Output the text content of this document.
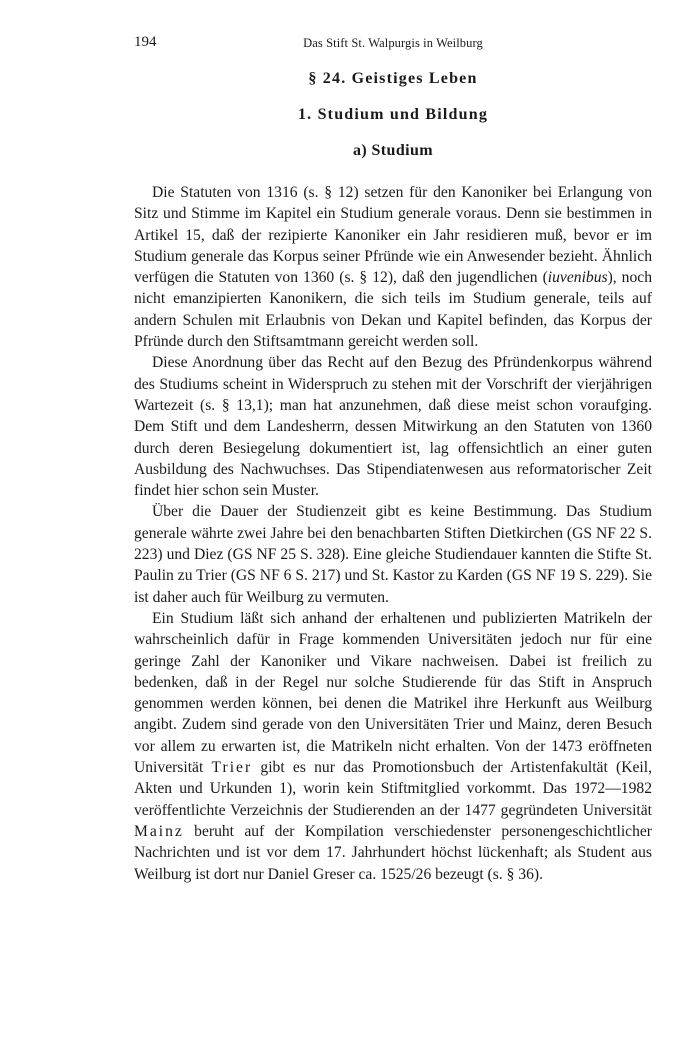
194	Das Stift St. Walpurgis in Weilburg
§ 24. Geistiges Leben
1. Studium und Bildung
a) Studium

Die Statuten von 1316 (s. § 12) setzen für den Kanoniker bei Erlangung von Sitz und Stimme im Kapitel ein Studium generale voraus. Denn sie bestimmen in Artikel 15, daß der rezipierte Kanoniker ein Jahr residieren muß, bevor er im Studium generale das Korpus seiner Pfründe wie ein Anwesender bezieht. Ähnlich verfügen die Statuten von 1360 (s. § 12), daß den jugendlichen (iuvenibus), noch nicht emanzipierten Kanonikern, die sich teils im Studium generale, teils auf andern Schulen mit Erlaubnis von Dekan und Kapitel befinden, das Korpus der Pfründe durch den Stiftsamtmann gereicht werden soll.

Diese Anordnung über das Recht auf den Bezug des Pfründenkorpus während des Studiums scheint in Widerspruch zu stehen mit der Vorschrift der vierjährigen Wartezeit (s. § 13,1); man hat anzunehmen, daß diese meist schon voraufging. Dem Stift und dem Landesherrn, dessen Mitwirkung an den Statuten von 1360 durch deren Besiegelung dokumentiert ist, lag offensichtlich an einer guten Ausbildung des Nachwuchses. Das Stipendiatenwesen aus reformatorischer Zeit findet hier schon sein Muster.

Über die Dauer der Studienzeit gibt es keine Bestimmung. Das Studium generale währte zwei Jahre bei den benachbarten Stiften Dietkirchen (GS NF 22 S. 223) und Diez (GS NF 25 S. 328). Eine gleiche Studiendauer kannten die Stifte St. Paulin zu Trier (GS NF 6 S. 217) und St. Kastor zu Karden (GS NF 19 S. 229). Sie ist daher auch für Weilburg zu vermuten.

Ein Studium läßt sich anhand der erhaltenen und publizierten Matrikeln der wahrscheinlich dafür in Frage kommenden Universitäten jedoch nur für eine geringe Zahl der Kanoniker und Vikare nachweisen. Dabei ist freilich zu bedenken, daß in der Regel nur solche Studierende für das Stift in Anspruch genommen werden können, bei denen die Matrikel ihre Herkunft aus Weilburg angibt. Zudem sind gerade von den Universitäten Trier und Mainz, deren Besuch vor allem zu erwarten ist, die Matrikeln nicht erhalten. Von der 1473 eröffneten Universität Trier gibt es nur das Promotionsbuch der Artistenfakultät (Keil, Akten und Urkunden 1), worin kein Stiftmitglied vorkommt. Das 1972—1982 veröffentlichte Verzeichnis der Studierenden an der 1477 gegründeten Universität Mainz beruht auf der Kompilation verschiedenster personengeschichtlicher Nachrichten und ist vor dem 17. Jahrhundert höchst lückenhaft; als Student aus Weilburg ist dort nur Daniel Greser ca. 1525/26 bezeugt (s. § 36).
